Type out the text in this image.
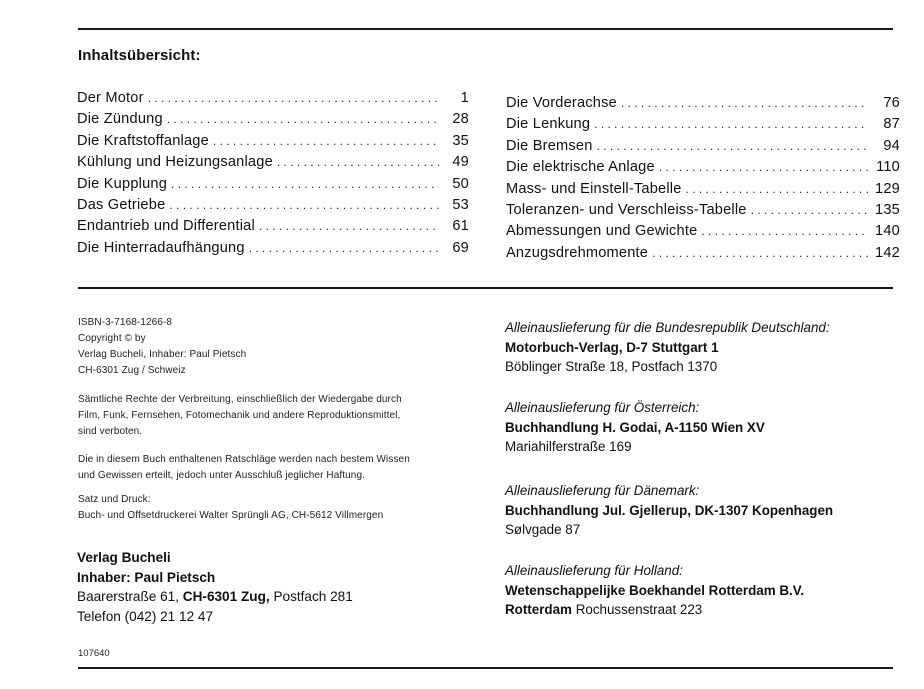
Inhaltsübersicht:
Der Motor . . .	1
Die Zündung . . .	28
Die Kraftstoffanlage . . .	35
Kühlung und Heizungsanlage . . .	49
Die Kupplung . . .	50
Das Getriebe . . .	53
Endantrieb und Differential . . .	61
Die Hinterradaufhängung . . .	69
Die Vorderachse . . .	76
Die Lenkung . . .	87
Die Bremsen . . .	94
Die elektrische Anlage . . .	110
Mass- und Einstell-Tabelle . . .	129
Toleranzen- und Verschleiss-Tabelle . . .	135
Abmessungen und Gewichte . . .	140
Anzugsdrehmomente . . .	142
ISBN-3-7168-1266-8
Copyright © by
Verlag Bucheli, Inhaber: Paul Pietsch
CH-6301 Zug / Schweiz
Sämtliche Rechte der Verbreitung, einschließlich der Wiedergabe durch
Film, Funk, Fernsehen, Fotomechanik und andere Reproduktionsmittel,
sind verboten.
Die in diesem Buch enthaltenen Ratschläge werden nach bestem Wissen
und Gewissen erteilt, jedoch unter Ausschluß jeglicher Haftung.
Satz und Druck:
Buch- und Offsetdruckerei Walter Sprüngli AG, CH-5612 Villmergen
Verlag Bucheli
Inhaber: Paul Pietsch
Baarerstraße 61, CH-6301 Zug, Postfach 281
Telefon (042) 21 12 47
Alleinauslieferung für die Bundesrepublik Deutschland:
Motorbuch-Verlag, D-7 Stuttgart 1
Böblinger Straße 18, Postfach 1370
Alleinauslieferung für Österreich:
Buchhandlung H. Godai, A-1150 Wien XV
Mariahilferstraße 169
Alleinauslieferung für Dänemark:
Buchhandlung Jul. Gjellerup, DK-1307 Kopenhagen
Sølvgade 87
Alleinauslieferung für Holland:
Wetenschappelijke Boekhandel Rotterdam B.V.
Rotterdam Rochussenstraat 223
107640
